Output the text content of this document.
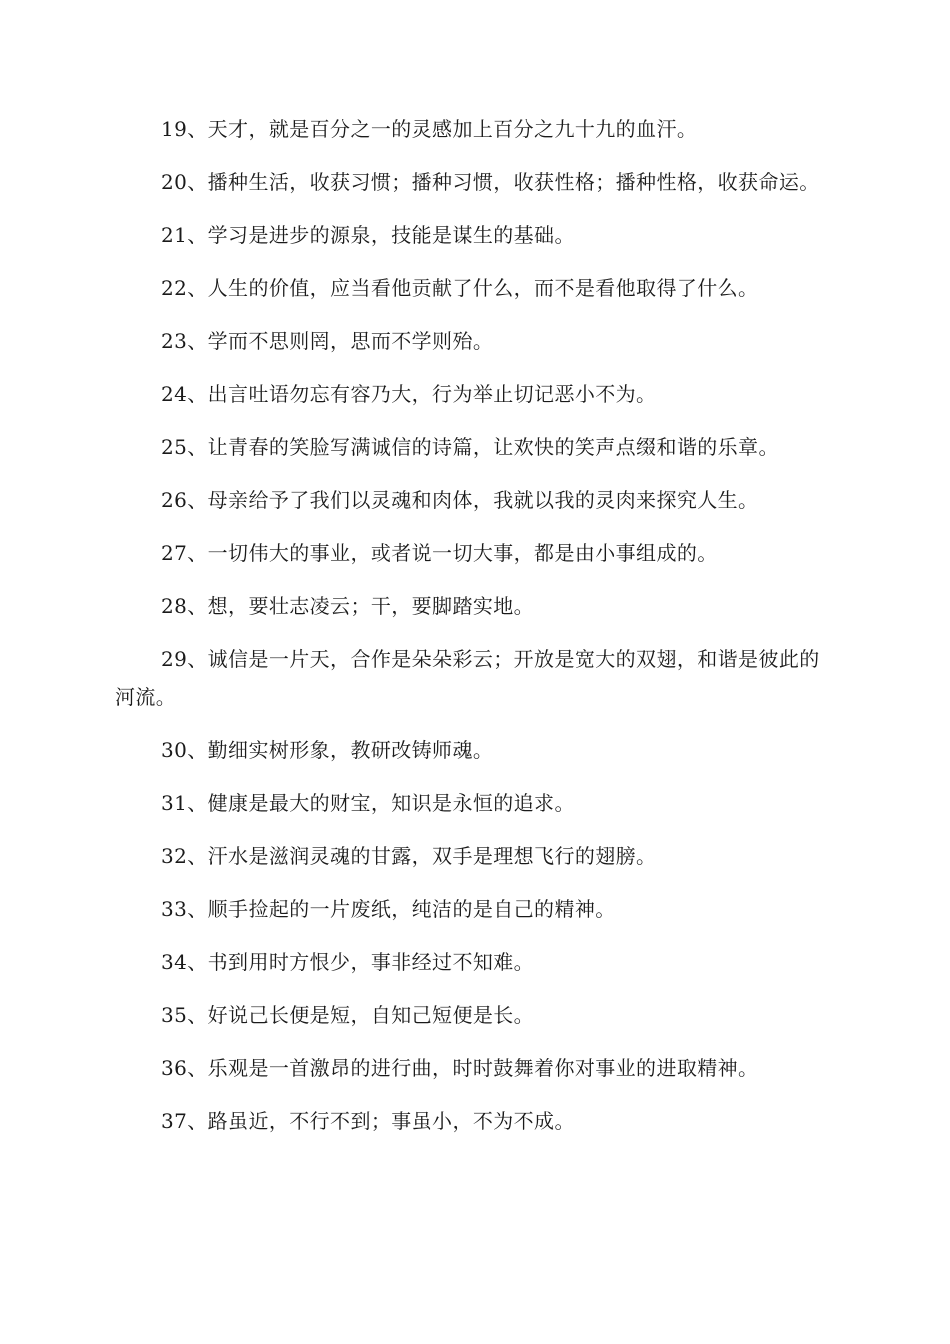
19、天才，就是百分之一的灵感加上百分之九十九的血汗。

20、播种生活，收获习惯；播种习惯，收获性格；播种性格，收获命运。

21、学习是进步的源泉，技能是谋生的基础。

22、人生的价值，应当看他贡献了什么，而不是看他取得了什么。

23、学而不思则罔，思而不学则殆。

24、出言吐语勿忘有容乃大，行为举止切记恶小不为。

25、让青春的笑脸写满诚信的诗篇，让欢快的笑声点缀和谐的乐章。

26、母亲给予了我们以灵魂和肉体，我就以我的灵肉来探究人生。

27、一切伟大的事业，或者说一切大事，都是由小事组成的。

28、想，要壮志凌云；干，要脚踏实地。

29、诚信是一片天，合作是朵朵彩云；开放是宽大的双翅，和谐是彼此的河流。

30、勤细实树形象，教研改铸师魂。

31、健康是最大的财宝，知识是永恒的追求。

32、汗水是滋润灵魂的甘露，双手是理想飞行的翅膀。

33、顺手捡起的一片废纸，纯洁的是自己的精神。

34、书到用时方恨少，事非经过不知难。

35、好说己长便是短，自知己短便是长。

36、乐观是一首激昂的进行曲，时时鼓舞着你对事业的进取精神。

37、路虽近，不行不到；事虽小，不为不成。
